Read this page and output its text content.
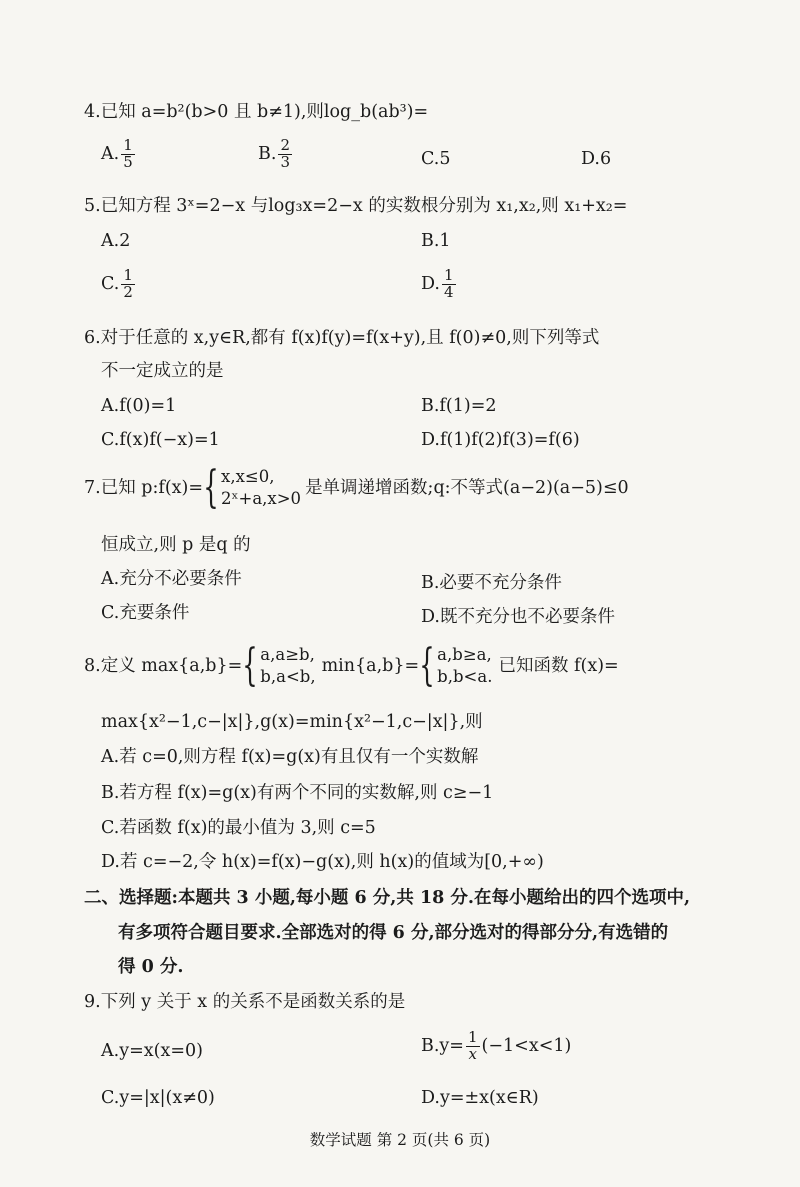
4.已知 a=b²(b>0 且 b≠1),则log_b(ab³)=
A. $\frac{1}{5}$	B. $\frac{2}{3}$	C.5	D.6
5.已知方程 3ˣ=2−x 与log₃x=2−x 的实数根分别为 x₁,x₂,则 x₁+x₂=
A.2	B.1
C. $\frac{1}{2}$	D. $\frac{1}{4}$
6.对于任意的 x,y∈R,都有 f(x)f(y)=f(x+y),且 f(0)≠0,则下列等式
不一定成立的是
A.f(0)=1	B.f(1)=2
C.f(x)f(−x)=1	D.f(1)f(2)f(3)=f(6)
7.已知 p:f(x)= { x,x≤0,
2ˣ+a,x>0
是单调递增函数;q:不等式(a−2)(a−5)≤0
恒成立,则 p 是q 的
A.充分不必要条件	B.必要不充分条件
C.充要条件	D.既不充分也不必要条件
8.定义 max{a,b}= { a,a≥b,
b,a<b,
min{a,b}= { a,b≥a,
b,b<a.
已知函数 f(x)=
max{x²−1,c−|x|},g(x)=min{x²−1,c−|x|},则
A.若 c=0,则方程 f(x)=g(x)有且仅有一个实数解
B.若方程 f(x)=g(x)有两个不同的实数解,则 c≥−1
C.若函数 f(x)的最小值为 3,则 c=5
D.若 c=−2,令 h(x)=f(x)−g(x),则 h(x)的值域为[0,+∞)
二、选择题:本题共 3 小题,每小题 6 分,共 18 分.在每小题给出的四个选项中,
有多项符合题目要求.全部选对的得 6 分,部分选对的得部分分,有选错的
得 0 分.
9.下列 y 关于 x 的关系不是函数关系的是
A.y=x(x=0)	$B.y= \frac{1}{x} (-1<x<1)$
C.y=|x|(x≠0)	D.y=±x(x∈R)
数学试题 第 2 页(共 6 页)
